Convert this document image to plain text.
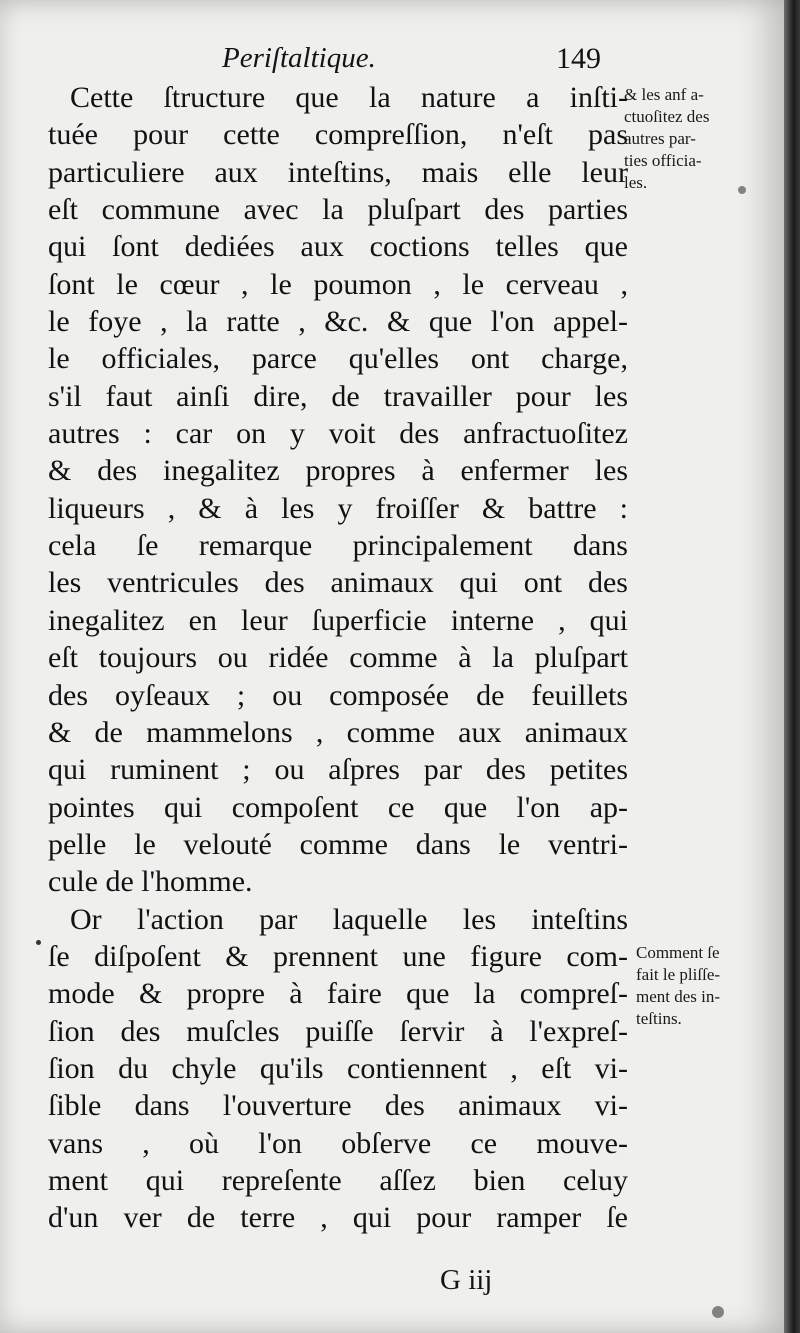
Periſtaltique.	149
Cette ſtructure que la nature a inſti-
tuée pour cette compreſſion, n'eſt pas
particuliere aux inteſtins, mais elle leur
eſt commune avec la pluſpart des parties
qui ſont dediées aux coctions telles que
ſont le cœur , le poumon , le cerveau ,
le foye , la ratte , &c. & que l'on appel-
le officiales, parce qu'elles ont charge,
s'il faut ainſi dire, de travailler pour les
autres : car on y voit des anfractuoſitez
& des inegalitez propres à enfermer les
liqueurs , & à les y froiſſer & battre :
cela ſe remarque principalement dans
les ventricules des animaux qui ont des
inegalitez en leur ſuperficie interne , qui
eſt toujours ou ridée comme à la pluſpart
des oyſeaux ; ou composée de feuillets
& de mammelons , comme aux animaux
qui ruminent ; ou aſpres par des petites
pointes qui compoſent ce que l'on ap-
pelle le velouté comme dans le ventri-
cule de l'homme.
Or l'action par laquelle les inteſtins
ſe diſpoſent & prennent une figure com-
mode & propre à faire que la compreſ-
ſion des muſcles puiſſe ſervir à l'expreſ-
ſion du chyle qu'ils contiennent , eſt vi-
ſible dans l'ouverture des animaux vi-
vans , où l'on obſerve ce mouve-
ment qui repreſente aſſez bien celuy
d'un ver de terre , qui pour ramper ſe
& les anf a-
ctuoſitez des
autres par-
ties officia-
les.
Comment ſe
fait le pliſſe-
ment des in-
teſtins.
G iij
